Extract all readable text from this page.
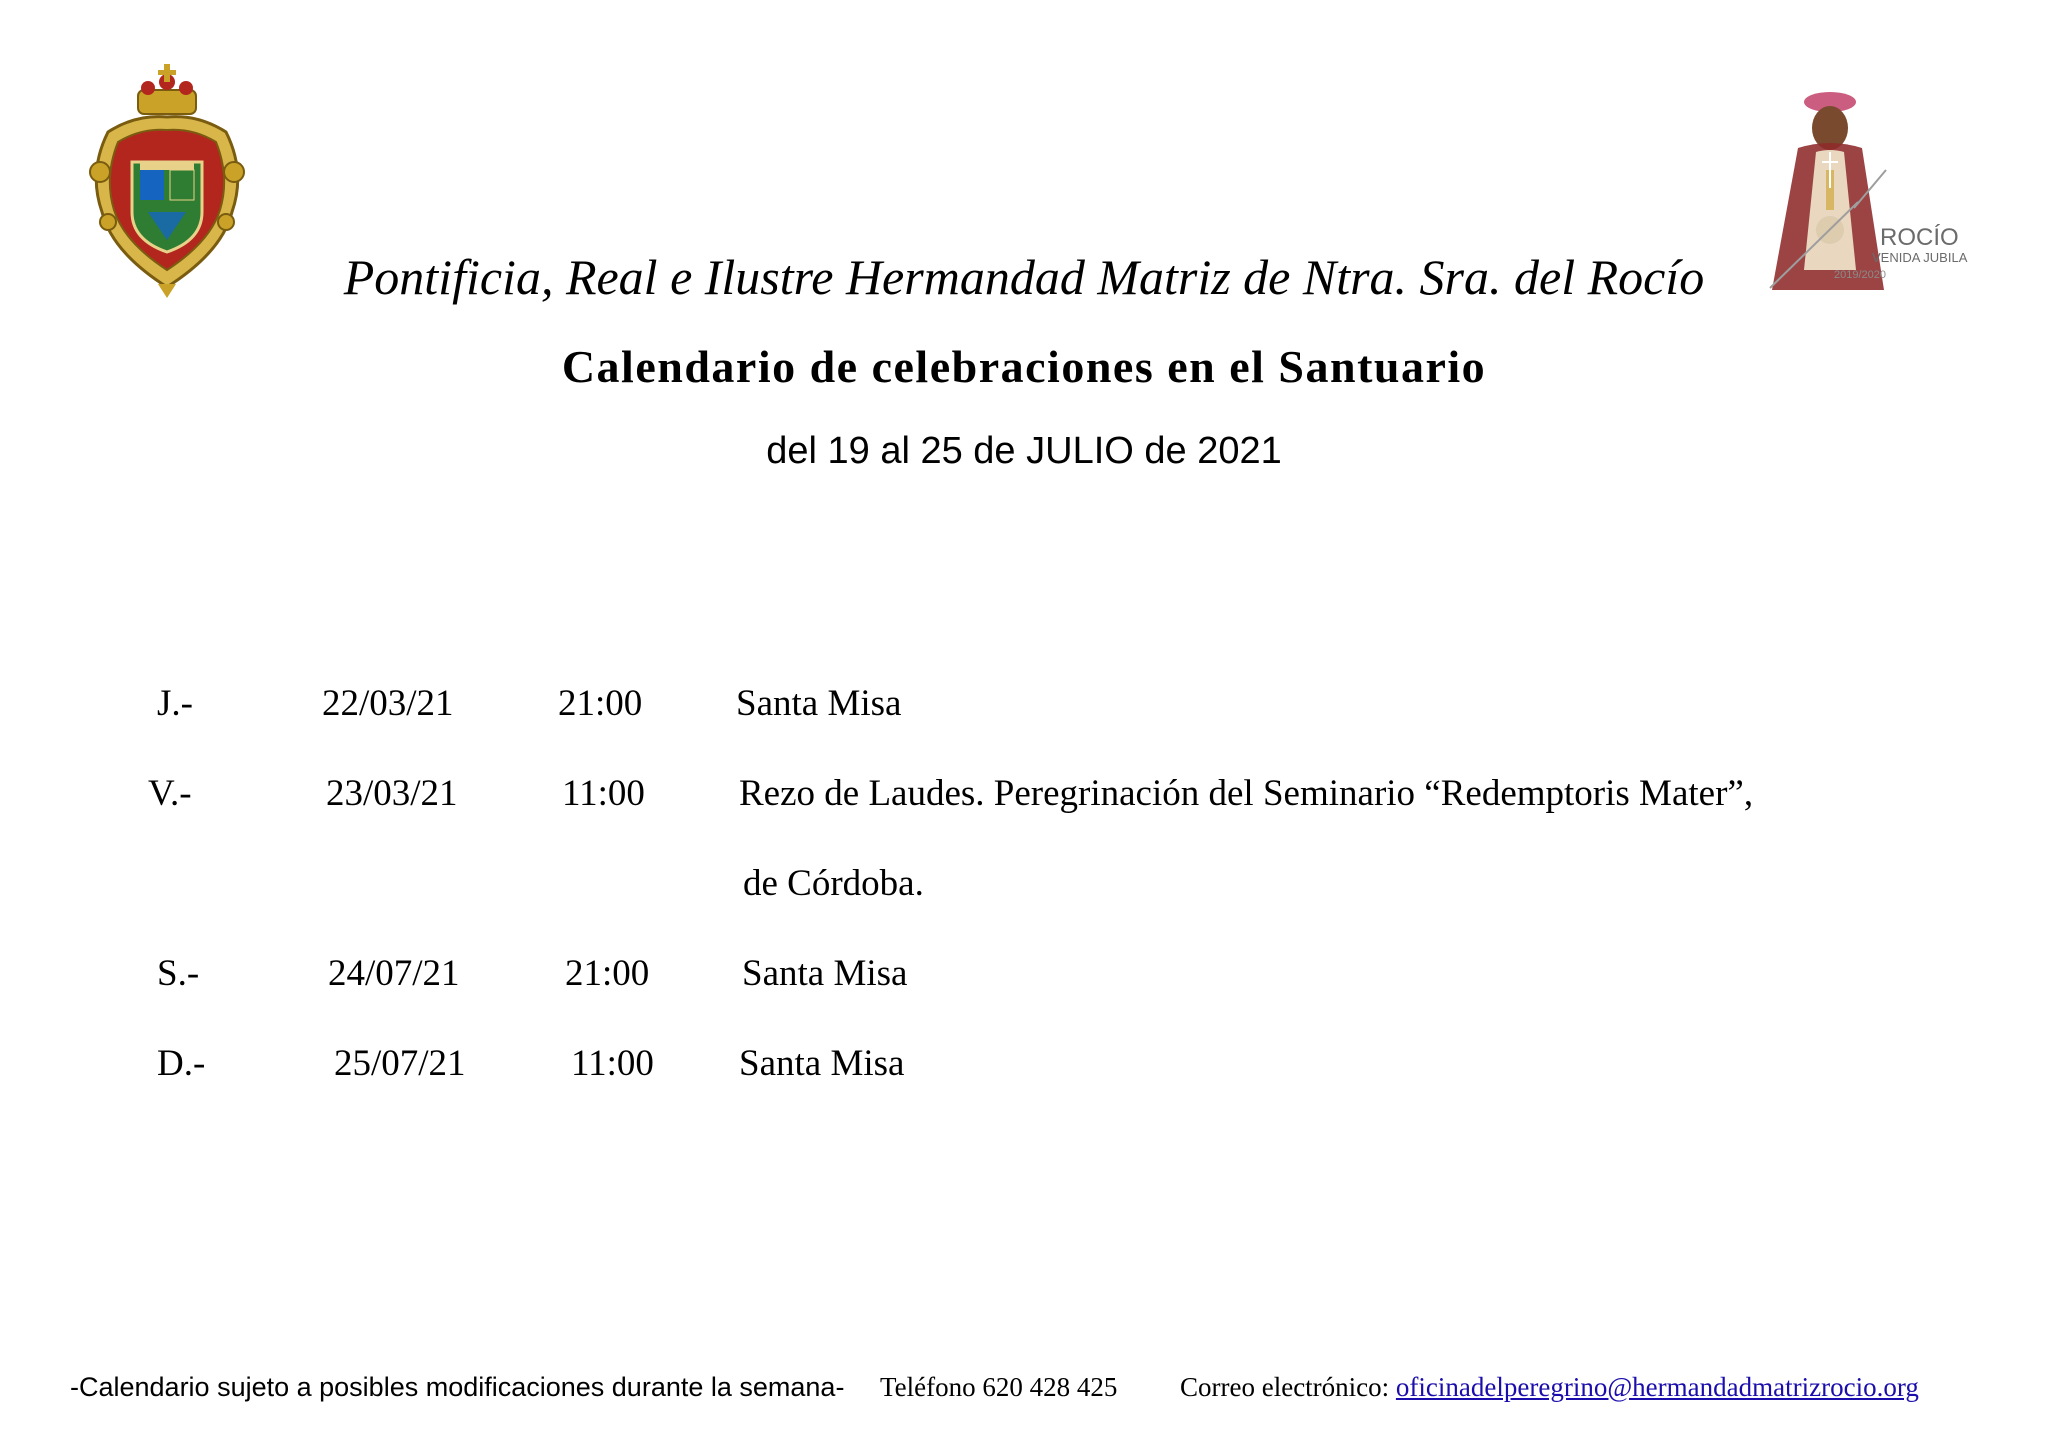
ROCÍO
VENIDA JUBILAR
2019/2020
Pontificia, Real e Ilustre Hermandad Matriz de Ntra. Sra. del Rocío
Calendario de celebraciones en el Santuario
del 19 al 25 de JULIO de 2021
J.-	22/03/21	21:00	Santa Misa
V.-	23/03/21	11:00	Rezo de Laudes. Peregrinación del Seminario “Redemptoris Mater”,
de Córdoba.
S.-	24/07/21	21:00	Santa Misa
D.-	25/07/21	11:00 Santa Misa
-Calendario sujeto a posibles modificaciones durante la semana- Teléfono 620 428 425 Correo electrónico: oficinadelperegrino@hermandadmatrizrocio.org
